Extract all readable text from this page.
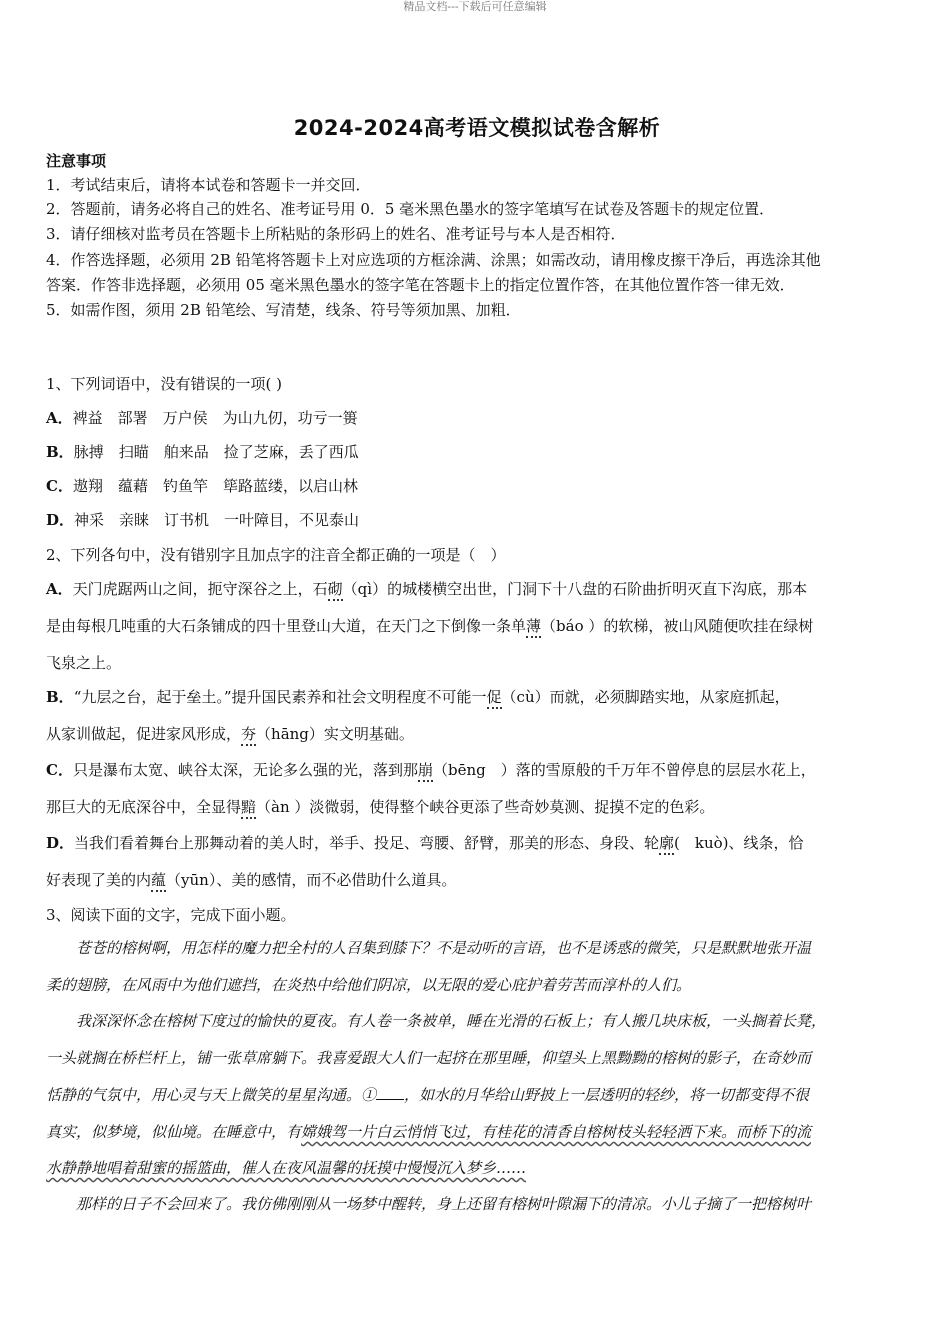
精品文档---下载后可任意编辑
2024-2024高考语文模拟试卷含解析
注意事项
1．考试结束后，请将本试卷和答题卡一并交回．
2．答题前，请务必将自己的姓名、准考证号用 0．5 毫米黑色墨水的签字笔填写在试卷及答题卡的规定位置．
3．请仔细核对监考员在答题卡上所粘贴的条形码上的姓名、准考证号与本人是否相符．
4．作答选择题，必须用 2B 铅笔将答题卡上对应选项的方框涂满、涂黑；如需改动，请用橡皮擦干净后，再选涂其他
答案．作答非选择题，必须用 05 毫米黑色墨水的签字笔在答题卡上的指定位置作答，在其他位置作答一律无效．
5．如需作图，须用 2B 铅笔绘、写清楚，线条、符号等须加黑、加粗．
1、下列词语中，没有错误的一项( )
A．裨益　部署　万户侯　为山九仞，功亏一篑
B．脉搏　扫瞄　舶来品　捡了芝麻，丢了西瓜
C．遨翔　蕴藉　钓鱼竿　筚路蓝缕，以启山林
D．神采　亲睐　订书机　一叶障目，不见泰山
2、下列各句中，没有错别字且加点字的注音全都正确的一项是（　）
A．天门虎踞两山之间，扼守深谷之上，石砌（qì）的城楼横空出世，门洞下十八盘的石阶曲折明灭直下沟底，那本
是由每根几吨重的大石条铺成的四十里登山大道，在天门之下倒像一条单薄（báo ）的软梯，被山风随便吹挂在绿树
飞泉之上。
B．“九层之台，起于垒土。”提升国民素养和社会文明程度不可能一促（cù）而就，必须脚踏实地，从家庭抓起，
从家训做起，促进家风形成，夯（hāng）实文明基础。
C．只是瀑布太宽、峡谷太深，无论多么强的光，落到那崩（bēng　）落的雪原般的千万年不曾停息的层层水花上，
那巨大的无底深谷中，全显得黯（àn ）淡微弱，使得整个峡谷更添了些奇妙莫测、捉摸不定的色彩。
D．当我们看着舞台上那舞动着的美人时，举手、投足、弯腰、舒臂，那美的形态、身段、轮廓(　kuò)、线条，恰
好表现了美的内蕴（yūn）、美的感情，而不必借助什么道具。
3、阅读下面的文字，完成下面小题。
　　苍苍的榕树啊，用怎样的魔力把全村的人召集到膝下？不是动听的言语，也不是诱惑的微笑，只是默默地张开温
柔的翅膀，在风雨中为他们遮挡，在炎热中给他们阴凉，以无限的爱心庇护着劳苦而淳朴的人们。
　　我深深怀念在榕树下度过的愉快的夏夜。有人卷一条被单，睡在光滑的石板上；有人搬几块床板，一头搁着长凳，
一头就搁在桥栏杆上，铺一张草席躺下。我喜爱跟大人们一起挤在那里睡，仰望头上黑黝黝的榕树的影子，在奇妙而
恬静的气氛中，用心灵与天上微笑的星星沟通。① ，如水的月华给山野披上一层透明的轻纱，将一切都变得不很
真实，似梦境，似仙境。在睡意中，有嫦娥驾一片白云悄悄飞过，有桂花的清香自榕树枝头轻轻洒下来。而桥下的流
水静静地唱着甜蜜的摇篮曲，催人在夜风温馨的抚摸中慢慢沉入梦乡……
　　那样的日子不会回来了。我仿佛刚刚从一场梦中醒转，身上还留有榕树叶隙漏下的清凉。小儿子摘了一把榕树叶
